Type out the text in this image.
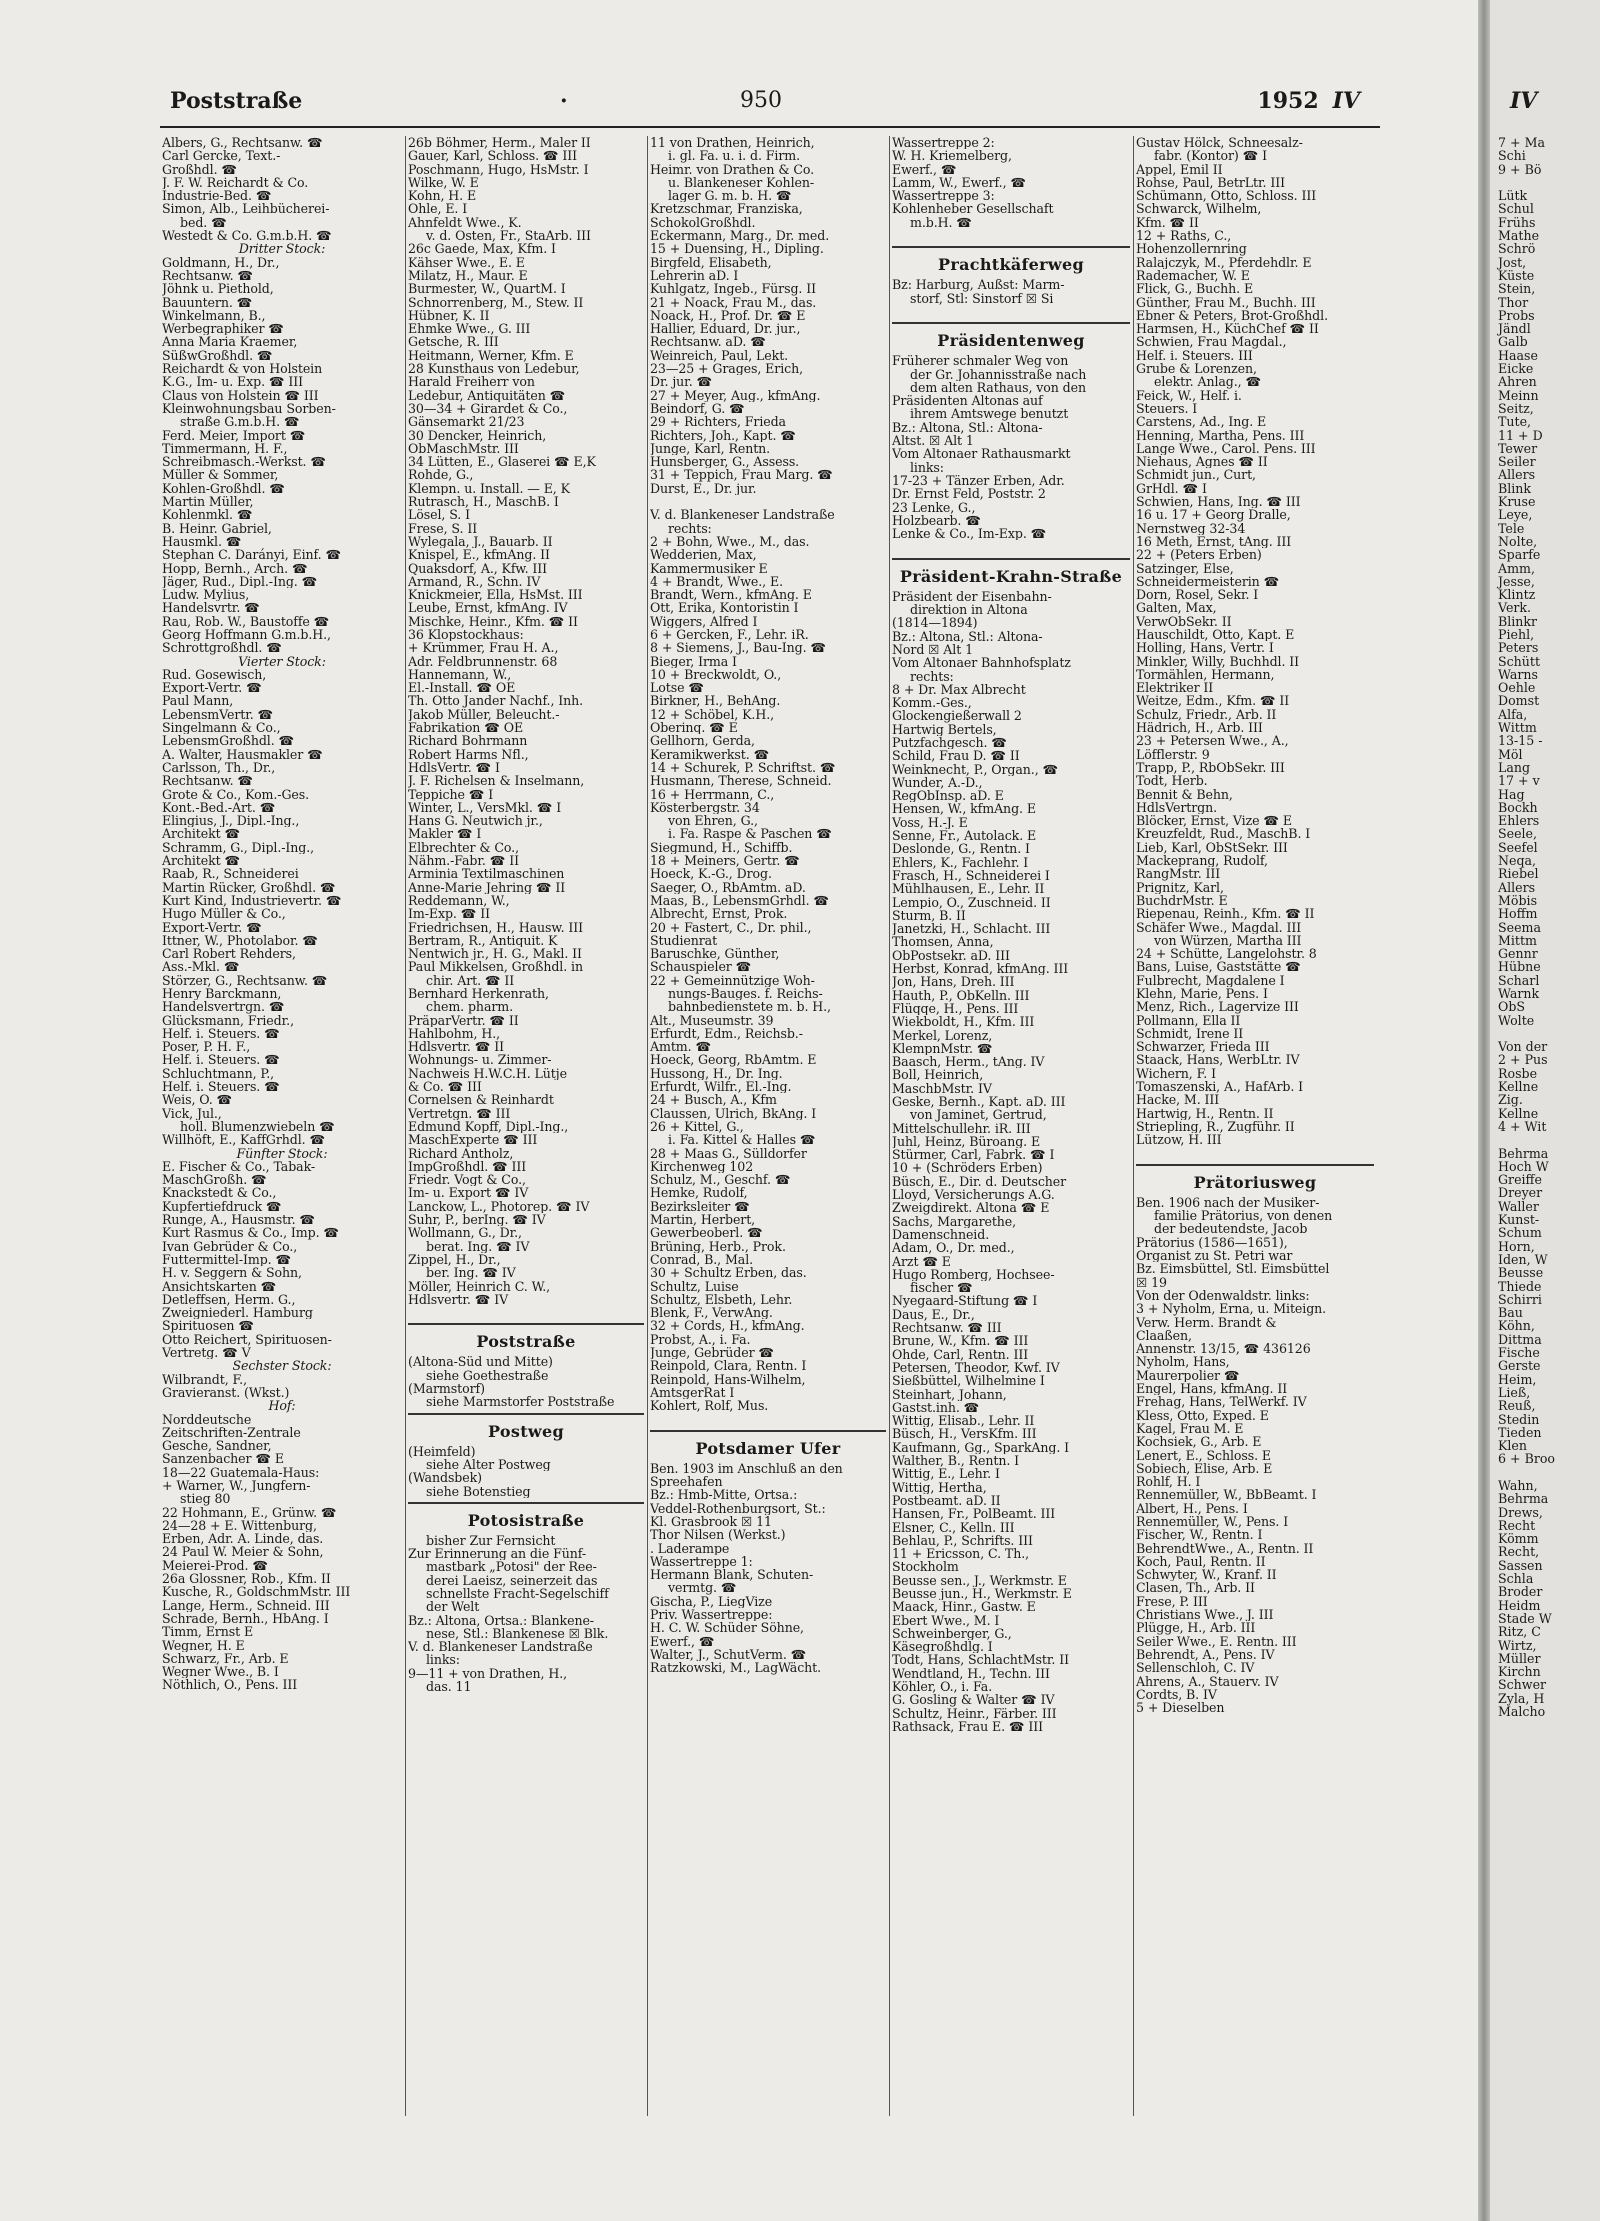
Poststraße	·	950	1952 IV
Albers, G., Rechtsanw. ☎
Carl Gercke, Text.-
Großhdl. ☎
J. F. W. Reichardt & Co.
Industrie-Bed. ☎
Simon, Alb., Leihbücherei-
bed. ☎
Westedt & Co. G.m.b.H. ☎
Dritter Stock:
Goldmann, H., Dr.,
Rechtsanw. ☎
Jöhnk u. Piethold,
Bauuntern. ☎
Winkelmann, B.,
Werbegraphiker ☎
Anna Maria Kraemer,
SüßwGroßhdl. ☎
Reichardt & von Holstein
K.G., Im- u. Exp. ☎ III
Claus von Holstein ☎ III
Kleinwohnungsbau Sorben-
straße G.m.b.H. ☎
Ferd. Meier, Import ☎
Timmermann, H. F.,
Schreibmasch.-Werkst. ☎
Müller & Sommer,
Kohlen-Großhdl. ☎
Martin Müller,
Kohlenmkl. ☎
B. Heinr. Gabriel,
Hausmkl. ☎
Stephan C. Darányi, Einf. ☎
Hopp, Bernh., Arch. ☎
Jäger, Rud., Dipl.-Ing. ☎
Ludw. Mylius,
Handelsvrtr. ☎
Rau, Rob. W., Baustoffe ☎
Georg Hoffmann G.m.b.H.,
Schrottgroßhdl. ☎
Vierter Stock:
Rud. Gosewisch,
Export-Vertr. ☎
Paul Mann,
LebensmVertr. ☎
Singelmann & Co.,
LebensmGroßhdl. ☎
A. Walter, Hausmakler ☎
Carlsson, Th., Dr.,
Rechtsanw. ☎
Grote & Co., Kom.-Ges.
Kont.-Bed.-Art. ☎
Elingius, J., Dipl.-Ing.,
Architekt ☎
Schramm, G., Dipl.-Ing.,
Architekt ☎
Raab, R., Schneiderei
Martin Rücker, Großhdl. ☎
Kurt Kind, Industrievertr. ☎
Hugo Müller & Co.,
Export-Vertr. ☎
Ittner, W., Photolabor. ☎
Carl Robert Rehders,
Ass.-Mkl. ☎
Störzer, G., Rechtsanw. ☎
Henry Barckmann,
Handelsvertrgn. ☎
Glücksmann, Friedr.,
Helf. i. Steuers. ☎
Poser, P. H. F.,
Helf. i. Steuers. ☎
Schluchtmann, P.,
Helf. i. Steuers. ☎
Weis, O. ☎
Vick, Jul.,
holl. Blumenzwiebeln ☎
Willhöft, E., KaffGrhdl. ☎
Fünfter Stock:
E. Fischer & Co., Tabak-
MaschGroßh. ☎
Knackstedt & Co.,
Kupfertiefdruck ☎
Runge, A., Hausmstr. ☎
Kurt Rasmus & Co., Imp. ☎
Ivan Gebrüder & Co.,
Futtermittel-Imp. ☎
H. v. Seggern & Sohn,
Ansichtskarten ☎
Detleffsen, Herm. G.,
Zweigniederl. Hamburg
Spirituosen ☎
Otto Reichert, Spirituosen-
Vertretg. ☎ V
Sechster Stock:
Wilbrandt, F.,
Gravieranst. (Wkst.)
Hof:
Norddeutsche
Zeitschriften-Zentrale
Gesche, Sandner,
Sanzenbacher ☎ E
18—22 Guatemala-Haus:
+ Warner, W., Jungfern-
stieg 80
22 Hohmann, E., Grünw. ☎
24—28 + E. Wittenburg,
Erben, Adr. A. Linde, das.
24 Paul W. Meier & Sohn,
Meierei-Prod. ☎
26a Glossner, Rob., Kfm. II
Kusche, R., GoldschmMstr. III
Lange, Herm., Schneid. III
Schrade, Bernh., HbAng. I
Timm, Ernst E
Wegner, H. E
Schwarz, Fr., Arb. E
Wegner Wwe., B. I
Nöthlich, O., Pens. III
26b Böhmer, Herm., Maler II
Gauer, Karl, Schloss. ☎ III
Poschmann, Hugo, HsMstr. I
Wilke, W. E
Kohn, H. E
Ohle, E. I
Ahnfeldt Wwe., K.
v. d. Osten, Fr., StaArb. III
26c Gaede, Max, Kfm. I
Kähser Wwe., E. E
Milatz, H., Maur. E
Burmester, W., QuartM. I
Schnorrenberg, M., Stew. II
Hübner, K. II
Ehmke Wwe., G. III
Getsche, R. III
Heitmann, Werner, Kfm. E
28 Kunsthaus von Ledebur,
Harald Freiherr von
Ledebur, Antiquitäten ☎
30—34 + Girardet & Co.,
Gänsemarkt 21/23
30 Dencker, Heinrich,
ObMaschMstr. III
34 Lütten, E., Glaserei ☎ E,K
Rohde, G.,
Klempn. u. Install. — E, K
Rutrasch, H., MaschB. I
Lösel, S. I
Frese, S. II
Wylegala, J., Bauarb. II
Knispel, E., kfmAng. II
Quaksdorf, A., Kfw. III
Armand, R., Schn. IV
Knickmeier, Ella, HsMst. III
Leube, Ernst, kfmAng. IV
Mischke, Heinr., Kfm. ☎ II
36 Klopstockhaus:
+ Krümmer, Frau H. A.,
Adr. Feldbrunnenstr. 68
Hannemann, W.,
El.-Install. ☎ OE
Th. Otto Jander Nachf., Inh.
Jakob Müller, Beleucht.-
Fabrikation ☎ OE
Richard Bohrmann
Robert Harms Nfl.,
HdlsVertr. ☎ I
J. F. Richelsen & Inselmann,
Teppiche ☎ I
Winter, L., VersMkl. ☎ I
Hans G. Neutwich jr.,
Makler ☎ I
Elbrechter & Co.,
Nähm.-Fabr. ☎ II
Arminia Textilmaschinen
Anne-Marie Jehring ☎ II
Reddemann, W.,
Im-Exp. ☎ II
Friedrichsen, H., Hausw. III
Bertram, R., Antiquit. K
Nentwich jr., H. G., Makl. II
Paul Mikkelsen, Großhdl. in
chir. Art. ☎ II
Bernhard Herkenrath,
chem. pharm.
PräparVertr. ☎ II
Hahlbohm, H.,
Hdlsvertr. ☎ II
Wohnungs- u. Zimmer-
Nachweis H.W.C.H. Lütje
& Co. ☎ III
Cornelsen & Reinhardt
Vertretgn. ☎ III
Edmund Kopff, Dipl.-Ing.,
MaschExperte ☎ III
Richard Antholz,
ImpGroßhdl. ☎ III
Friedr. Vogt & Co.,
Im- u. Export ☎ IV
Lanckow, L., Photorep. ☎ IV
Suhr, P., berIng. ☎ IV
Wollmann, G., Dr.,
berat. Ing. ☎ IV
Zippel, H., Dr.,
ber. Ing. ☎ IV
Möller, Heinrich C. W.,
Hdlsvertr. ☎ IV

Poststraße
(Altona-Süd und Mitte)
siehe Goethestraße
(Marmstorf)
siehe Marmstorfer Poststraße
Postweg
(Heimfeld)
siehe Alter Postweg
(Wandsbek)
siehe Botenstieg
Potosistraße
bisher Zur Fernsicht
Zur Erinnerung an die Fünf-
mastbark „Potosi" der Ree-
derei Laeisz, seinerzeit das
schnellste Fracht-Segelschiff
der Welt
Bz.: Altona, Ortsa.: Blankene-
nese, Stl.: Blankenese ☒ Blk.
V. d. Blankeneser Landstraße
links:
9—11 + von Drathen, H.,
das. 11
11 von Drathen, Heinrich,
i. gl. Fa. u. i. d. Firm.
Heimr. von Drathen & Co.
u. Blankeneser Kohlen-
lager G. m. b. H. ☎
Kretzschmar, Franziska,
SchokolGroßhdl.
Eckermann, Marg., Dr. med.
15 + Duensing, H., Dipling.
Birgfeld, Elisabeth,
Lehrerin aD. I
Kuhlgatz, Ingeb., Fürsg. II
21 + Noack, Frau M., das.
Noack, H., Prof. Dr. ☎ E
Hallier, Eduard, Dr. jur.,
Rechtsanw. aD. ☎
Weinreich, Paul, Lekt.
23—25 + Grages, Erich,
Dr. jur. ☎
27 + Meyer, Aug., kfmAng.
Beindorf, G. ☎
29 + Richters, Frieda
Richters, Joh., Kapt. ☎
Junge, Karl, Rentn.
Hunsberger, G., Assess.
31 + Teppich, Frau Marg. ☎
Durst, E., Dr. jur.

V. d. Blankeneser Landstraße
rechts:
2 + Bohn, Wwe., M., das.
Wedderien, Max,
Kammermusiker E
4 + Brandt, Wwe., E.
Brandt, Wern., kfmAng. E
Ott, Erika, Kontoristin I
Wiggers, Alfred I
6 + Gercken, F., Lehr. iR.
8 + Siemens, J., Bau-Ing. ☎
Bieger, Irma I
10 + Breckwoldt, O.,
Lotse ☎
Birkner, H., BehAng.
12 + Schöbel, K.H.,
Oberinq. ☎ E
Gellhorn, Gerda,
Keramikwerkst. ☎
14 + Schurek, P. Schriftst. ☎
Husmann, Therese, Schneid.
16 + Herrmann, C.,
Kösterbergstr. 34
von Ehren, G.,
i. Fa. Raspe & Paschen ☎
Siegmund, H., Schiffb.
18 + Meiners, Gertr. ☎
Hoeck, K.-G., Drog.
Saeger, O., RbAmtm. aD.
Maas, B., LebensmGrhdl. ☎
Albrecht, Ernst, Prok.
20 + Fastert, C., Dr. phil.,
Studienrat
Baruschke, Günther,
Schauspieler ☎
22 + Gemeinnützige Woh-
nungs-Bauges. f. Reichs-
bahnbedienstete m. b. H.,
Alt., Museumstr. 39
Erfurdt, Edm., Reichsb.-
Amtm. ☎
Hoeck, Georg, RbAmtm. E
Hussong, H., Dr. Ing.
Erfurdt, Wilfr., El.-Ing.
24 + Busch, A., Kfm
Claussen, Ulrich, BkAng. I
26 + Kittel, G.,
i. Fa. Kittel & Halles ☎
28 + Maas G., Sülldorfer
Kirchenweg 102
Schulz, M., Geschf. ☎
Hemke, Rudolf,
Bezirksleiter ☎
Martin, Herbert,
Gewerbeoberl. ☎
Brüning, Herb., Prok.
Conrad, B., Mal.
30 + Schultz Erben, das.
Schultz, Luise
Schultz, Elsbeth, Lehr.
Blenk, F., VerwAng.
32 + Cords, H., kfmAng.
Probst, A., i. Fa.
Junge, Gebrüder ☎
Reinpold, Clara, Rentn. I
Reinpold, Hans-Wilhelm,
AmtsgerRat I
Kohlert, Rolf, Mus.

Potsdamer Ufer
Ben. 1903 im Anschluß an den
Spreehafen
Bz.: Hmb-Mitte, Ortsa.:
Veddel-Rothenburgsort, St.:
Kl. Grasbrook ☒ 11
Thor Nilsen (Werkst.)
. Laderampe
Wassertreppe 1:
Hermann Blank, Schuten-
vermtg. ☎
Gischa, P., LiegVize
Priv. Wassertreppe:
H. C. W. Schüder Söhne,
Ewerf., ☎
Walter, J., SchutVerm. ☎
Ratzkowski, M., LagWächt.
Wassertreppe 2:
W. H. Kriemelberg,
Ewerf., ☎
Lamm, W., Ewerf., ☎
Wassertreppe 3:
Kohlenheber Gesellschaft
m.b.H. ☎

Prachtkäferweg
Bz: Harburg, Außst: Marm-
storf, Stl: Sinstorf ☒ Si

Präsidentenweg
Früherer schmaler Weg von
der Gr. Johannisstraße nach
dem alten Rathaus, von den
Präsidenten Altonas auf
ihrem Amtswege benutzt
Bz.: Altona, Stl.: Altona-
Altst. ☒ Alt 1
Vom Altonaer Rathausmarkt
links:
17-23 + Tänzer Erben, Adr.
Dr. Ernst Feld, Poststr. 2
23 Lenke, G.,
Holzbearb. ☎
Lenke & Co., Im-Exp. ☎

Präsident-Krahn-Straße
Präsident der Eisenbahn-
direktion in Altona
(1814—1894)
Bz.: Altona, Stl.: Altona-
Nord ☒ Alt 1
Vom Altonaer Bahnhofsplatz
rechts:
8 + Dr. Max Albrecht
Komm.-Ges.,
Glockengießerwall 2
Hartwig Bertels,
Putzfachgesch. ☎
Schild, Frau D. ☎ II
Weinknecht, P., Organ., ☎
Wunder, A.-D.,
RegObInsp. aD. E
Hensen, W., kfmAng. E
Voss, H.-J. E
Senne, Fr., Autolack. E
Deslonde, G., Rentn. I
Ehlers, K., Fachlehr. I
Frasch, H., Schneiderei I
Mühlhausen, E., Lehr. II
Lempio, O., Zuschneid. II
Sturm, B. II
Janetzki, H., Schlacht. III
Thomsen, Anna,
ObPostsekr. aD. III
Herbst, Konrad, kfmAng. III
Jon, Hans, Dreh. III
Hauth, P., ObKelln. III
Flüqqe, H., Pens. III
Wiekboldt, H., Kfm. III
Merkel, Lorenz,
KlempnMstr. ☎
Baasch, Herm., tAng. IV
Boll, Heinrich,
MaschbMstr. IV
Geske, Bernh., Kapt. aD. III
von Jaminet, Gertrud,
Mittelschullehr. iR. III
Juhl, Heinz, Büroang. E
Stürmer, Carl, Fabrk. ☎ I
10 + (Schröders Erben)
Büsch, E., Dir. d. Deutscher
Lloyd, Versicherungs A.G.
Zweigdirekt. Altona ☎ E
Sachs, Margarethe,
Damenschneid.
Adam, O., Dr. med.,
Arzt ☎ E
Hugo Romberg, Hochsee-
fischer ☎
Nyegaard-Stiftung ☎ I
Daus, E., Dr.,
Rechtsanw. ☎ III
Brune, W., Kfm. ☎ III
Ohde, Carl, Rentn. III
Petersen, Theodor, Kwf. IV
Sießbüttel, Wilhelmine I
Steinhart, Johann,
Gastst.inh. ☎
Wittig, Elisab., Lehr. II
Büsch, H., VersKfm. III
Kaufmann, Gg., SparkAng. I
Walther, B., Rentn. I
Wittig, E., Lehr. I
Wittig, Hertha,
Postbeamt. aD. II
Hansen, Fr., PolBeamt. III
Elsner, C., Kelln. III
Behlau, P., Schrifts. III
11 + Ericsson, C. Th.,
Stockholm
Beusse sen., J., Werkmstr. E
Beusse jun., H., Werkmstr. E
Maack, Hinr., Gastw. E
Ebert Wwe., M. I
Schweinberger, G.,
Käsegroßhdlg. I
Todt, Hans, SchlachtMstr. II
Wendtland, H., Techn. III
Köhler, O., i. Fa.
G. Gosling & Walter ☎ IV
Schultz, Heinr., Färber. III
Rathsack, Frau E. ☎ III
Gustav Hölck, Schneesalz-
fabr. (Kontor) ☎ I
Appel, Emil II
Rohse, Paul, BetrLtr. III
Schümann, Otto, Schloss. III
Schwarck, Wilhelm,
Kfm. ☎ II
12 + Raths, C.,
Hohenzollernring
Ralajczyk, M., Pferdehdlr. E
Rademacher, W. E
Flick, G., Buchh. E
Günther, Frau M., Buchh. III
Ebner & Peters, Brot-Großhdl.
Harmsen, H., KüchChef ☎ II
Schwien, Frau Magdal.,
Helf. i. Steuers. III
Grube & Lorenzen,
elektr. Anlag., ☎
Feick, W., Helf. i.
Steuers. I
Carstens, Ad., Ing. E
Henning, Martha, Pens. III
Lange Wwe., Carol. Pens. III
Niehaus, Agnes ☎ II
Schmidt jun., Curt,
GrHdl. ☎ I
Schwien, Hans, Ing. ☎ III
16 u. 17 + Georg Dralle,
Nernstweg 32-34
16 Meth, Ernst, tAng. III
22 + (Peters Erben)
Satzinger, Else,
Schneidermeisterin ☎
Dorn, Rosel, Sekr. I
Galten, Max,
VerwObSekr. II
Hauschildt, Otto, Kapt. E
Holling, Hans, Vertr. I
Minkler, Willy, Buchhdl. II
Tormählen, Hermann,
Elektriker II
Weitze, Edm., Kfm. ☎ II
Schulz, Friedr., Arb. II
Hädrich, H., Arb. III
23 + Petersen Wwe., A.,
Löfflerstr. 9
Trapp, P., RbObSekr. III
Todt, Herb.
Bennit & Behn,
HdlsVertrgn.
Blöcker, Ernst, Vize ☎ E
Kreuzfeldt, Rud., MaschB. I
Lieb, Karl, ObStSekr. III
Mackeprang, Rudolf,
RangMstr. III
Prignitz, Karl,
BuchdrMstr. E
Riepenau, Reinh., Kfm. ☎ II
Schäfer Wwe., Magdal. III
von Würzen, Martha III
24 + Schütte, Langelohstr. 8
Bans, Luise, Gaststätte ☎
Fulbrecht, Magdalene I
Klehn, Marie, Pens. I
Menz, Rich., Lagervize III
Pollmann, Ella II
Schmidt, Irene II
Schwarzer, Frieda III
Staack, Hans, WerbLtr. IV
Wichern, F. I
Tomaszenski, A., HafArb. I
Hacke, M. III
Hartwig, H., Rentn. II
Striepling, R., Zugführ. II
Lützow, H. III

Prätoriusweg
Ben. 1906 nach der Musiker-
familie Prätorius, von denen
der bedeutendste, Jacob
Prätorius (1586—1651),
Organist zu St. Petri war
Bz. Eimsbüttel, Stl. Eimsbüttel
☒ 19
Von der Odenwaldstr. links:
3 + Nyholm, Erna, u. Miteign.
Verw. Herm. Brandt &
Claaßen,
Annenstr. 13/15, ☎ 436126
Nyholm, Hans,
Maurerpolier ☎
Engel, Hans, kfmAng. II
Frehag, Hans, TelWerkf. IV
Kless, Otto, Exped. E
Kagel, Frau M. E
Kochsiek, G., Arb. E
Lenert, E., Schloss. E
Sobiech, Elise, Arb. E
Rohlf, H. I
Rennemüller, W., BbBeamt. I
Albert, H., Pens. I
Rennemüller, W., Pens. I
Fischer, W., Rentn. I
BehrendtWwe., A., Rentn. II
Koch, Paul, Rentn. II
Schwyter, W., Kranf. II
Clasen, Th., Arb. II
Frese, P. III
Christians Wwe., J. III
Plügge, H., Arb. III
Seiler Wwe., E. Rentn. III
Behrendt, A., Pens. IV
Sellenschloh, C. IV
Ahrens, A., Stauerv. IV
Cordts, B. IV
5 + Dieselben
7 + Ma
Schi
9 + Bö

Lütk
Schul
Frühs
Mathe
Schrö
Jost,
Küste
Stein,
Thor
Probs
Jändl
Galb
Haase
Eicke
Ahren
Meinn
Seitz,
Tute,
11 + D
Tewer
Seiler
Allers
Blink
Kruse
Leye,
Tele
Nolte,
Sparfe
Amm,
Jesse,
Klintz
Verk.
Blinkr
Piehl,
Peters
Schütt
Warns
Oehle
Domst
Alfa,
Wittm
13-15 -
Möl
Lang
17 + v
Hag
Bockh
Ehlers
Seele,
Seefel
Neqa,
Riebel
Allers
Möbis
Hoffm
Seema
Mittm
Gennr
Hübne
Scharl
Warnk
ObS
Wolte

Von der
2 + Pus
Rosbe
Kellne
Zig.
Kellne
4 + Wit

Behrma
Hoch W
Greiffe
Dreyer
Waller
Kunst-
Schum
Horn,
Iden, W
Beusse
Thiede
Schirri
Bau
Köhn,
Dittma
Fische
Gerste
Heim,
Ließ,
Reuß,
Stedin
Tieden
Klen
6 + Broo

Wahn,
Behrma
Drews,
Recht
Kömm
Recht,
Sassen
Schla
Broder
Heidm
Stade W
Ritz, C
Wirtz,
Müller
Kirchn
Schwer
Zyla, H
Malcho
IV
